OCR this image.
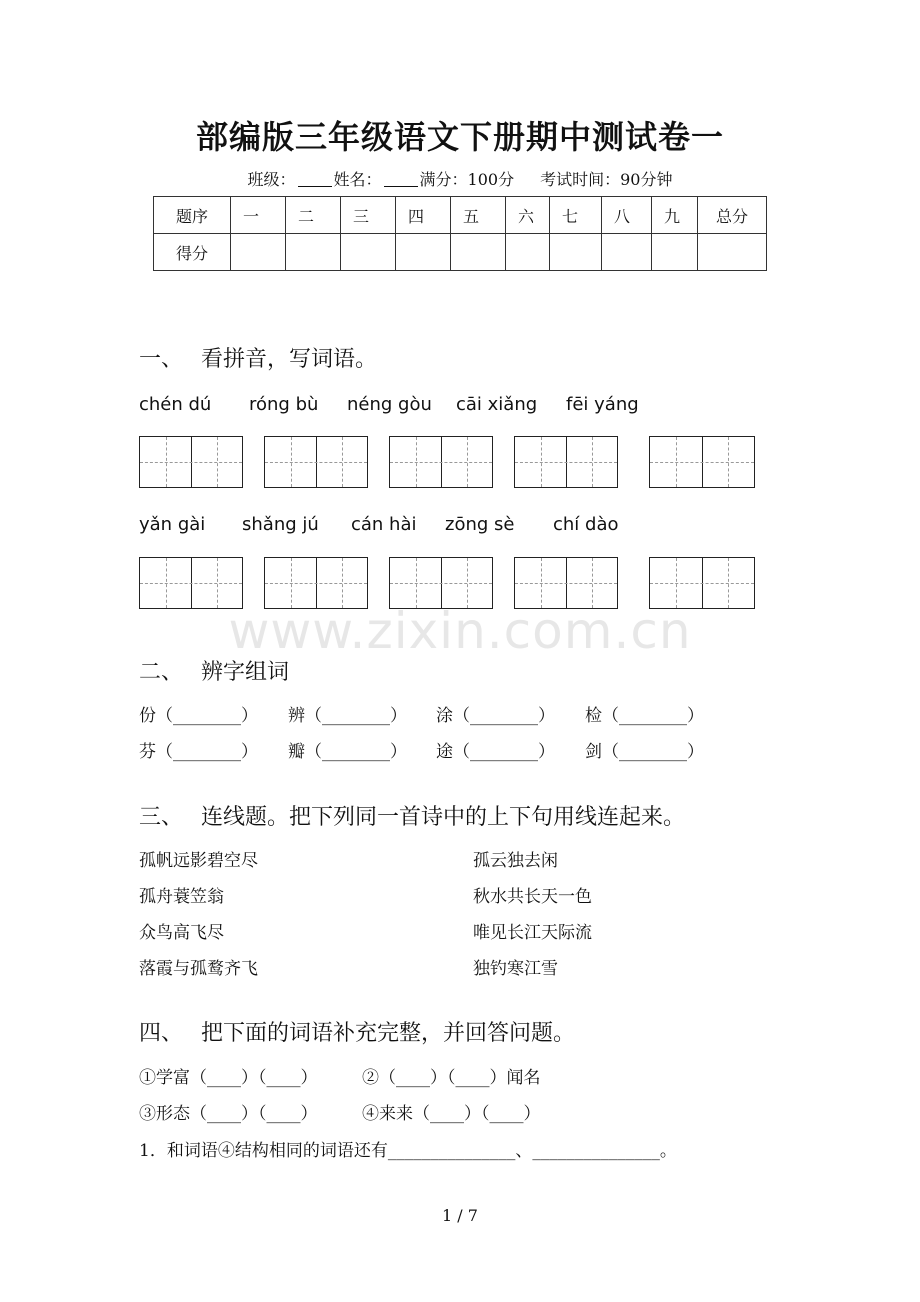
部编版三年级语文下册期中测试卷一
班级： 姓名： 满分：100分 考试时间：90分钟
题序	一	二	三	四	五	六	七	八	九	总分
得分										
一、 看拼音，写词语。
chén dú róng bù néng gòu cāi xiǎng fēi yáng
yǎn gài shǎng jú cán hài zōng sè chí dào
www.zixin.com.cn
二、 辨字组词
份（________） 辨（________） 涂（________） 检（________）
芬（________） 瓣（________） 途（________） 剑（________）
三、 连线题。把下列同一首诗中的上下句用线连起来。
孤帆远影碧空尽
孤舟蓑笠翁
众鸟高飞尽
落霞与孤鹜齐飞
孤云独去闲
秋水共长天一色
唯见长江天际流
独钓寒江雪
四、 把下面的词语补充完整，并回答问题。
①学富（____）（____）	②（____）（____）闻名
③形态（____）（____）	④来来（____）（____）
1．和词语④结构相同的词语还有_______________、_______________。
1 / 7
